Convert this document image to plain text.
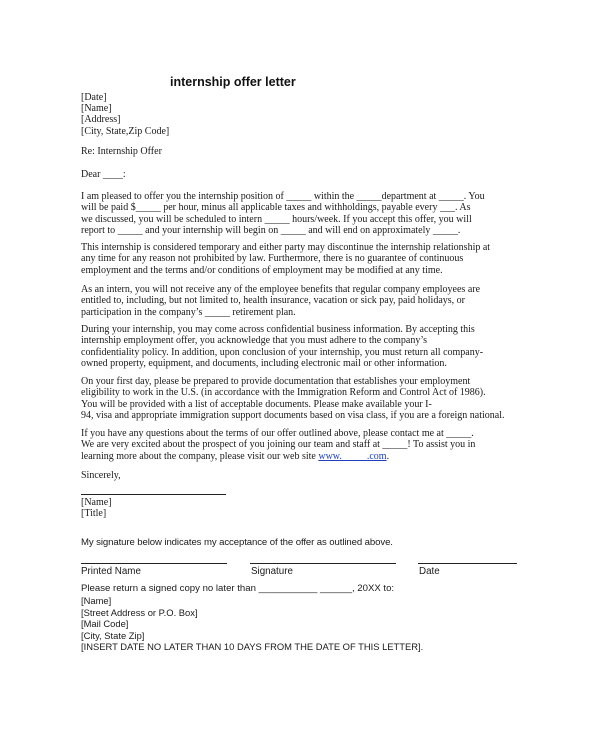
internship offer letter
[Date]
[Name]
[Address]
[City, State,Zip Code]
Re: Internship Offer
Dear ____:
I am pleased to offer you the internship position of _____ within the _____department at _____. You
will be paid $_____ per hour, minus all applicable taxes and withholdings, payable every ___. As
we discussed, you will be scheduled to intern _____ hours/week. If you accept this offer, you will
report to _____ and your internship will begin on _____ and will end on approximately _____.
This internship is considered temporary and either party may discontinue the internship relationship at
any time for any reason not prohibited by law. Furthermore, there is no guarantee of continuous
employment and the terms and/or conditions of employment may be modified at any time.
As an intern, you will not receive any of the employee benefits that regular company employees are
entitled to, including, but not limited to, health insurance, vacation or sick pay, paid holidays, or
participation in the company’s _____ retirement plan.
During your internship, you may come across confidential business information. By accepting this
internship employment offer, you acknowledge that you must adhere to the company’s
confidentiality policy. In addition, upon conclusion of your internship, you must return all company-
owned property, equipment, and documents, including electronic mail or other information.
On your first day, please be prepared to provide documentation that establishes your employment
eligibility to work in the U.S. (in accordance with the Immigration Reform and Control Act of 1986).
You will be provided with a list of acceptable documents. Please make available your I-
94, visa and appropriate immigration support documents based on visa class, if you are a foreign national.
If you have any questions about the terms of our offer outlined above, please contact me at _____.
We are very excited about the prospect of you joining our team and staff at _____! To assist you in
learning more about the company, please visit our web site www._____.com.
Sincerely,
[Name]
[Title]
My signature below indicates my acceptance of the offer as outlined above.
Printed Name	Signature	Date
Please return a signed copy no later than ___________ ______, 20XX to:
[Name]
[Street Address or P.O. Box]
[Mail Code]
[City, State Zip]
[INSERT DATE NO LATER THAN 10 DAYS FROM THE DATE OF THIS LETTER].
